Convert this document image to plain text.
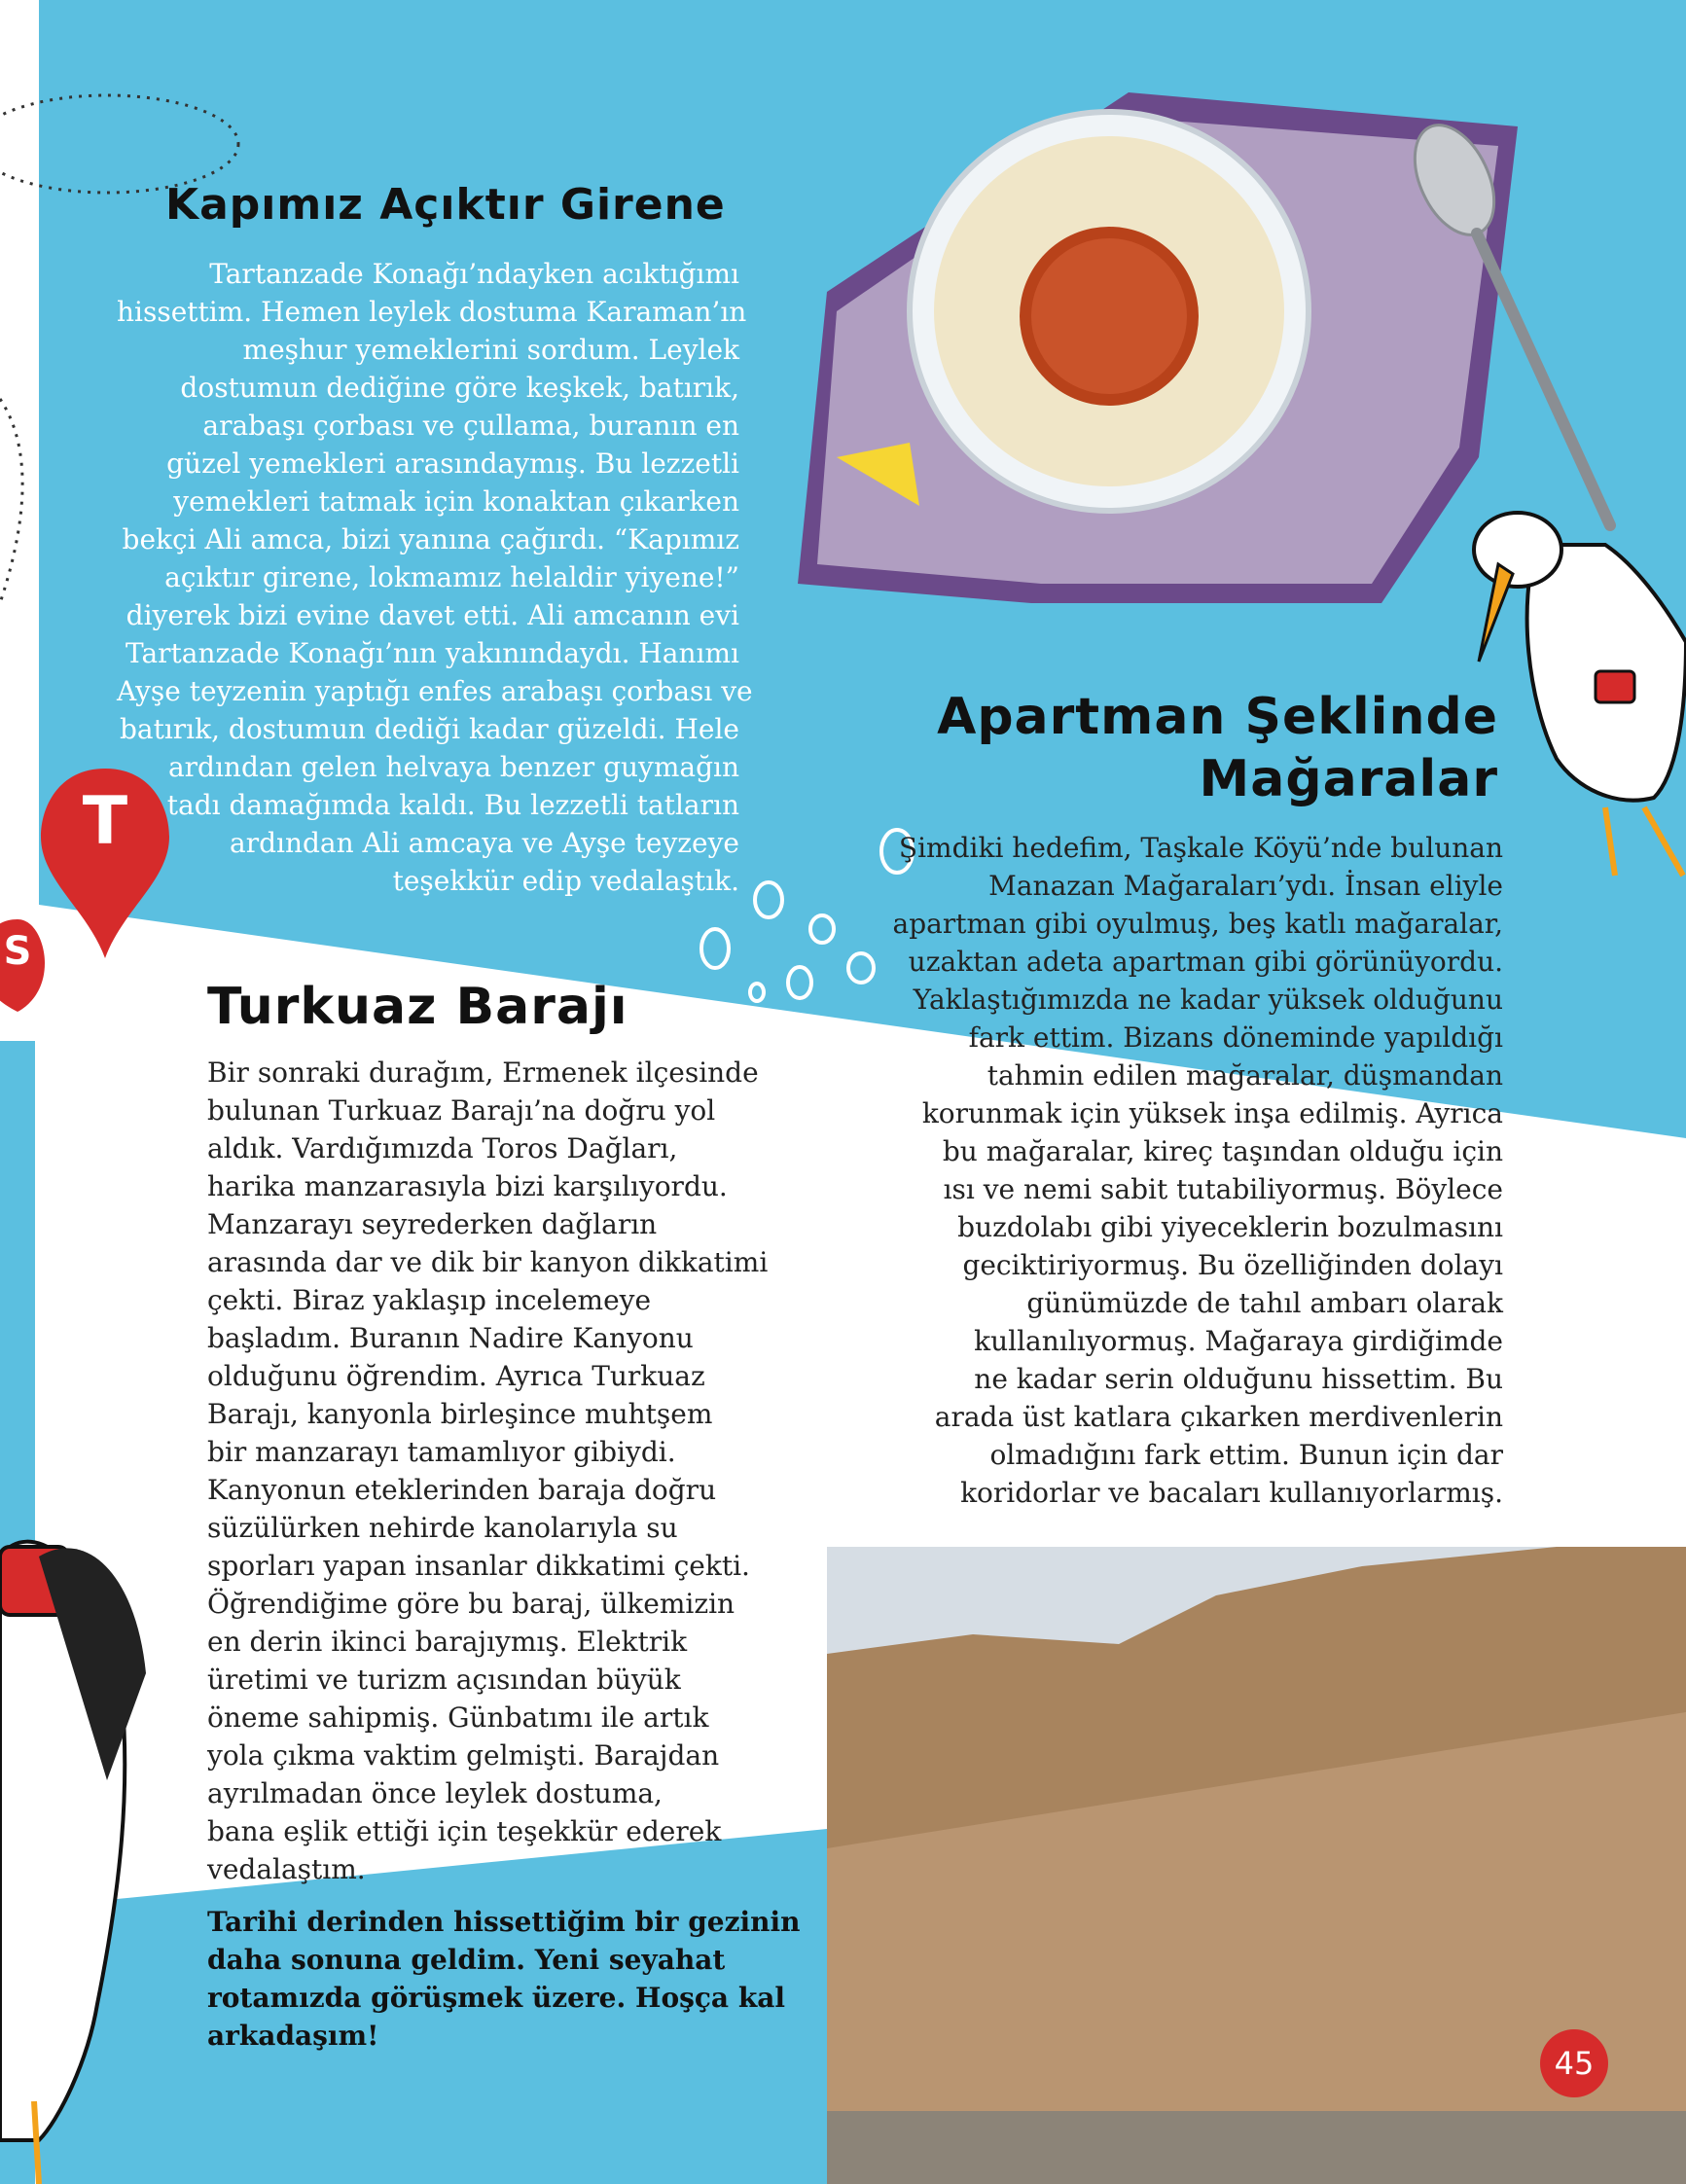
Kapımız Açıktır Girene
Tartanzade Konağı’ndayken acıktığımı
hissettim. Hemen leylek dostuma Karaman’ın
meşhur yemeklerini sordum. Leylek
dostumun dediğine göre keşkek, batırık,
arabaşı çorbası ve çullama, buranın en
güzel yemekleri arasındaymış. Bu lezzetli
yemekleri tatmak için konaktan çıkarken
bekçi Ali amca, bizi yanına çağırdı. “Kapımız
açıktır girene, lokmamız helaldir yiyene!”
diyerek bizi evine davet etti. Ali amcanın evi
Tartanzade Konağı’nın yakınındaydı. Hanımı
Ayşe teyzenin yaptığı enfes arabaşı çorbası ve
batırık, dostumun dediği kadar güzeldi. Hele
ardından gelen helvaya benzer guymağın
tadı damağımda kaldı. Bu lezzetli tatların
ardından Ali amcaya ve Ayşe teyzeye
teşekkür edip vedalaştık.
T
S
Apartman Şeklinde
Mağaralar
Şimdiki hedefim, Taşkale Köyü’nde bulunan
Manazan Mağaraları’ydı. İnsan eliyle
apartman gibi oyulmuş, beş katlı mağaralar,
uzaktan adeta apartman gibi görünüyordu.
Yaklaştığımızda ne kadar yüksek olduğunu
fark ettim. Bizans döneminde yapıldığı
tahmin edilen mağaralar, düşmandan
korunmak için yüksek inşa edilmiş. Ayrıca
bu mağaralar, kireç taşından olduğu için
ısı ve nemi sabit tutabiliyormuş. Böylece
buzdolabı gibi yiyeceklerin bozulmasını
geciktiriyormuş. Bu özelliğinden dolayı
günümüzde de tahıl ambarı olarak
kullanılıyormuş. Mağaraya girdiğimde
ne kadar serin olduğunu hissettim. Bu
arada üst katlara çıkarken merdivenlerin
olmadığını fark ettim. Bunun için dar
koridorlar ve bacaları kullanıyorlarmış.
Turkuaz Barajı
Bir sonraki durağım, Ermenek ilçesinde
bulunan Turkuaz Barajı’na doğru yol
aldık. Vardığımızda Toros Dağları,
harika manzarasıyla bizi karşılıyordu.
Manzarayı seyrederken dağların
arasında dar ve dik bir kanyon dikkatimi
çekti. Biraz yaklaşıp incelemeye
başladım. Buranın Nadire Kanyonu
olduğunu öğrendim. Ayrıca Turkuaz
Barajı, kanyonla birleşince muhtşem
bir manzarayı tamamlıyor gibiydi.
Kanyonun eteklerinden baraja doğru
süzülürken nehirde kanolarıyla su
sporları yapan insanlar dikkatimi çekti.
Öğrendiğime göre bu baraj, ülkemizin
en derin ikinci barajıymış. Elektrik
üretimi ve turizm açısından büyük
öneme sahipmiş. Günbatımı ile artık
yola çıkma vaktim gelmişti. Barajdan
ayrılmadan önce leylek dostuma,
bana eşlik ettiği için teşekkür ederek
vedalaştım.
Tarihi derinden hissettiğim bir gezinin
daha sonuna geldim. Yeni seyahat
rotamızda görüşmek üzere. Hoşça kal
arkadaşım!
45
